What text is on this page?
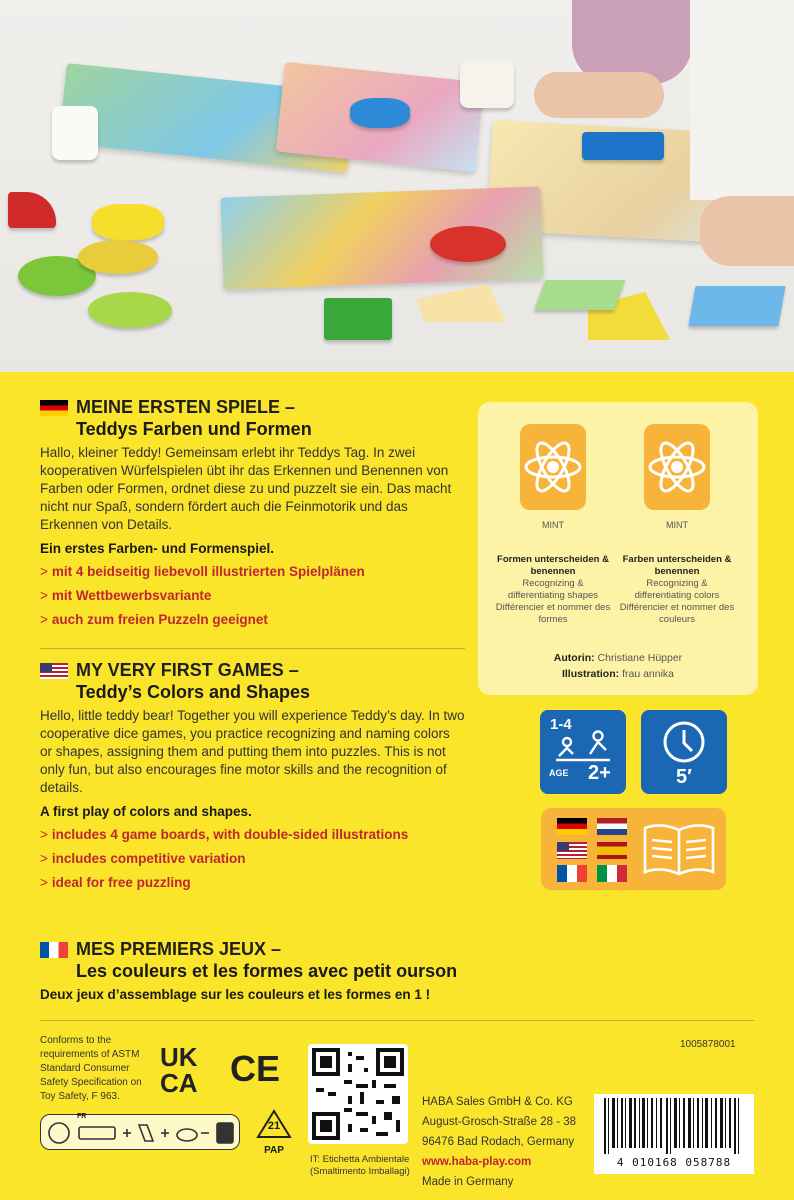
MEINE ERSTEN SPIELE –
Teddys Farben und Formen

Hallo, kleiner Teddy! Gemeinsam erlebt ihr Teddys Tag. In zwei kooperativen Würfelspielen übt ihr das Erkennen und Benennen von Farben oder Formen, ordnet diese zu und puzzelt sie ein. Das macht nicht nur Spaß, sondern fördert auch die Feinmotorik und das Erkennen von Details.

Ein erstes Farben- und Formenspiel.

> mit 4 beidseitig liebevoll illustrierten Spielplänen
> mit Wettbewerbsvariante
> auch zum freien Puzzeln geeignet
MY VERY FIRST GAMES –
Teddy’s Colors and Shapes

Hello, little teddy bear! Together you will experience Teddy’s day. In two cooperative dice games, you practice recognizing and naming colors or shapes, assigning them and putting them into puzzles. This is not only fun, but also encourages fine motor skills and the recognition of details.

A first play of colors and shapes.

> includes 4 game boards, with double-sided illustrations
> includes competitive variation
> ideal for free puzzling
MES PREMIERS JEUX –
Les couleurs et les formes avec petit ourson

Deux jeux d’assemblage sur les couleurs et les formes en 1 !

MINT	MINT
Formen unterscheiden & benennen
Recognizing & differentiating shapes
Différencier et nommer des formes
Farben unterscheiden & benennen
Recognizing & differentiating colors
Différencier et nommer des couleurs
Autorin: Christiane Hüpper
Illustration: frau annika
1-4
AGE 2+	5′
Conforms to the requirements of ASTM Standard Consumer Safety Specification on Toy Safety, F 963.
UK
CA CE
FR
21
PAP
IT: Etichetta Ambientale (Smaltimento Imballagi)
1005878001
HABA Sales GmbH & Co. KG
August-Grosch-Straße 28 - 38
96476 Bad Rodach, Germany
www.haba-play.com
Made in Germany
4 010168 058788
